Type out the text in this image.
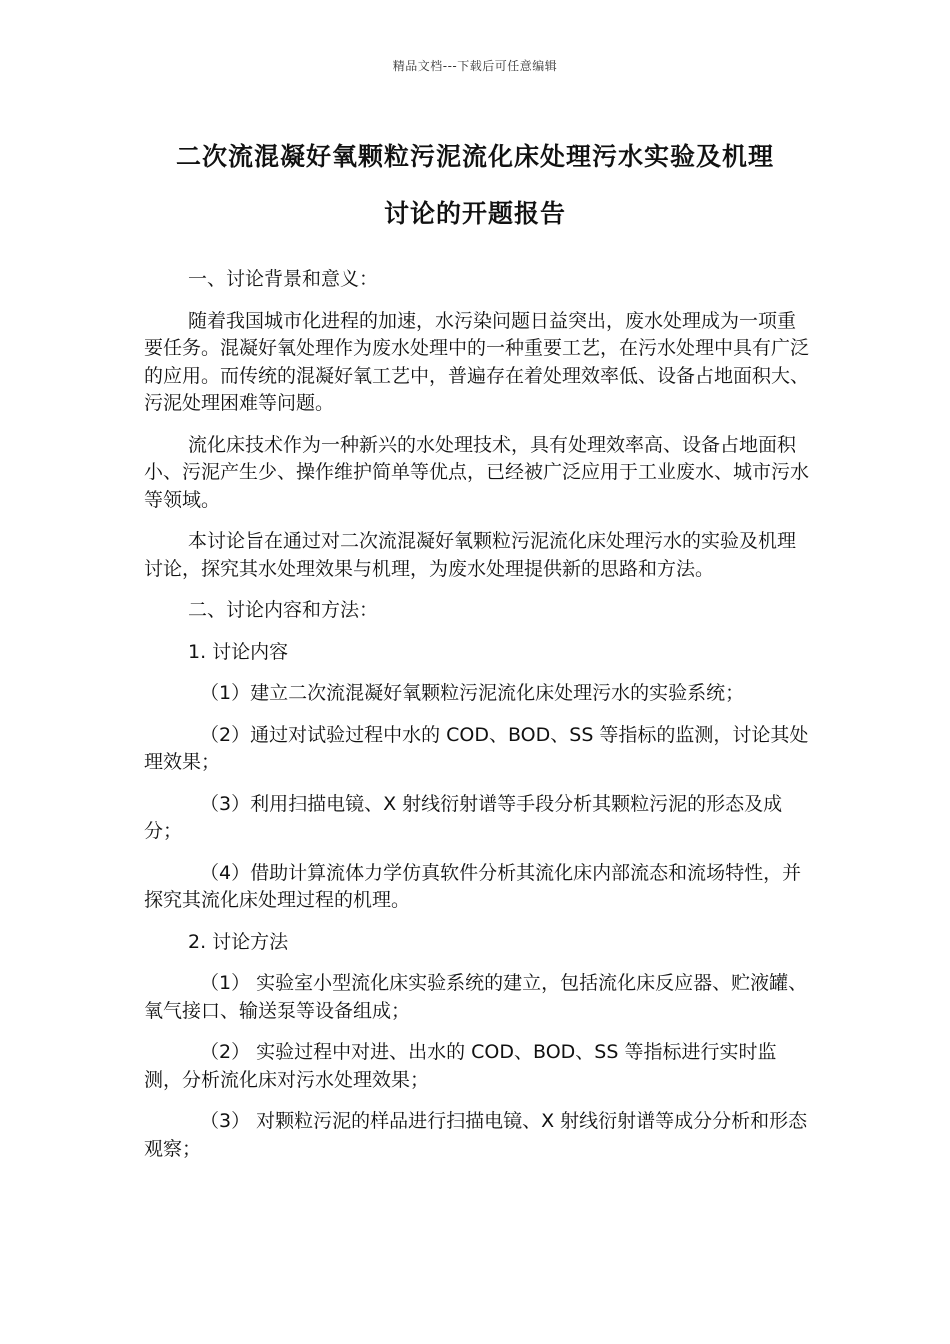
精品文档---下载后可任意编辑
二次流混凝好氧颗粒污泥流化床处理污水实验及机理
讨论的开题报告

一、讨论背景和意义：

随着我国城市化进程的加速，水污染问题日益突出，废水处理成为一项重要任务。混凝好氧处理作为废水处理中的一种重要工艺，在污水处理中具有广泛的应用。而传统的混凝好氧工艺中，普遍存在着处理效率低、设备占地面积大、污泥处理困难等问题。

流化床技术作为一种新兴的水处理技术，具有处理效率高、设备占地面积小、污泥产生少、操作维护简单等优点，已经被广泛应用于工业废水、城市污水等领域。

本讨论旨在通过对二次流混凝好氧颗粒污泥流化床处理污水的实验及机理讨论，探究其水处理效果与机理，为废水处理提供新的思路和方法。

二、讨论内容和方法：

1. 讨论内容

（1）建立二次流混凝好氧颗粒污泥流化床处理污水的实验系统；

（2）通过对试验过程中水的 COD、BOD、SS 等指标的监测，讨论其处理效果；

（3）利用扫描电镜、X 射线衍射谱等手段分析其颗粒污泥的形态及成分；

（4）借助计算流体力学仿真软件分析其流化床内部流态和流场特性，并探究其流化床处理过程的机理。

2. 讨论方法

（1） 实验室小型流化床实验系统的建立，包括流化床反应器、贮液罐、氧气接口、输送泵等设备组成；

（2） 实验过程中对进、出水的 COD、BOD、SS 等指标进行实时监测，分析流化床对污水处理效果；

（3） 对颗粒污泥的样品进行扫描电镜、X 射线衍射谱等成分分析和形态观察；
